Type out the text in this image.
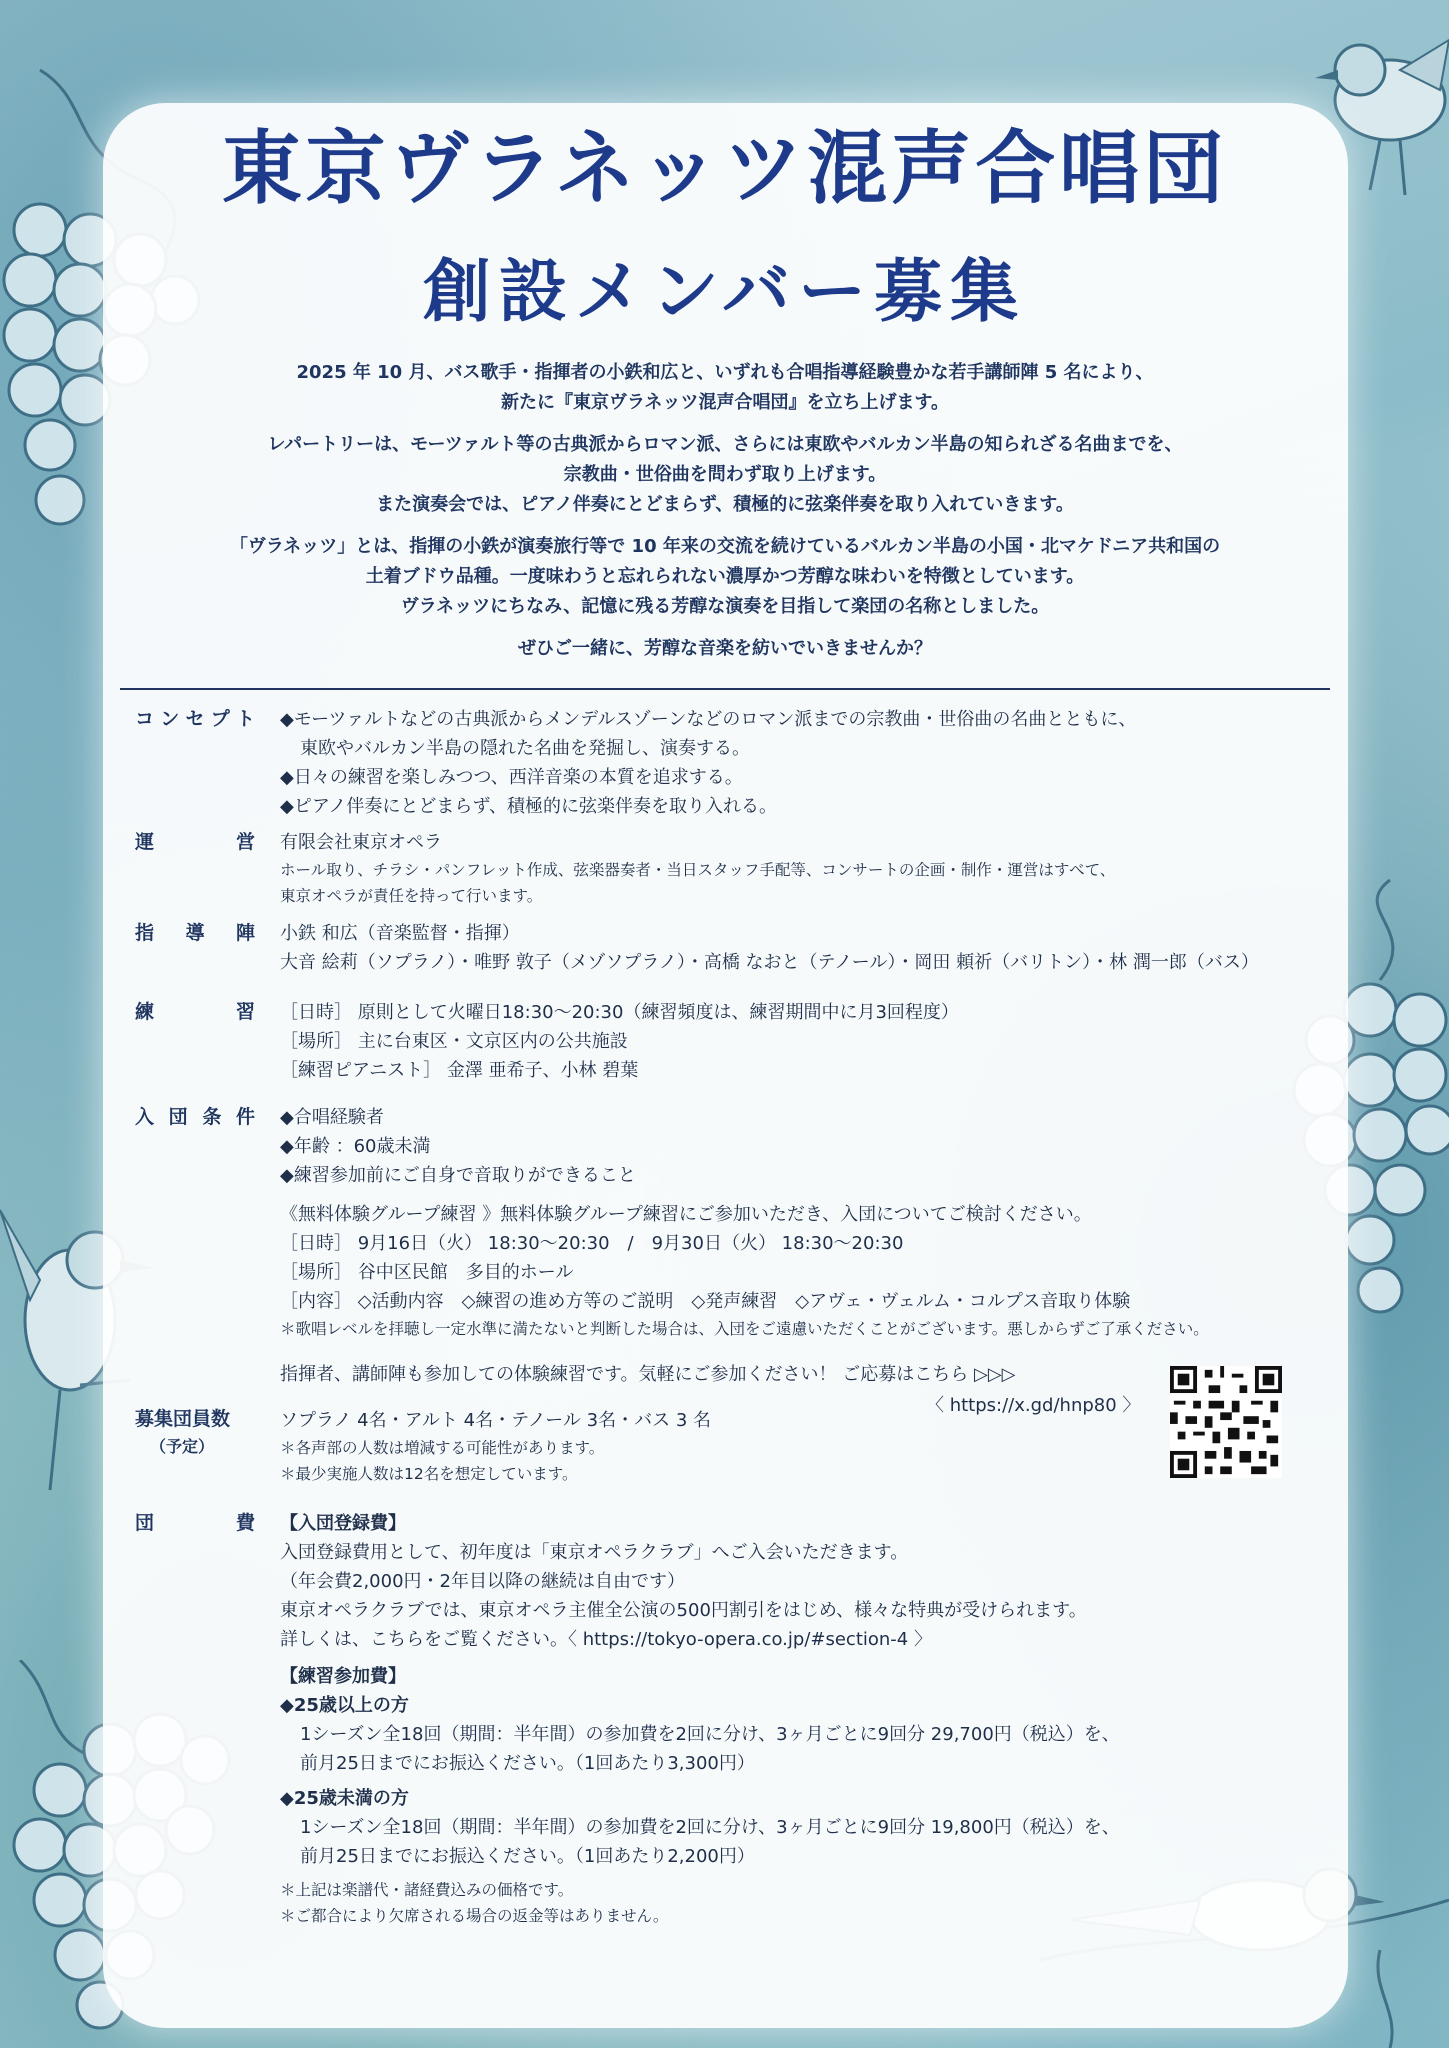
東京ヴラネッツ混声合唱団
創設メンバー募集

2025 年 10 月、バス歌手・指揮者の小鉄和広と、いずれも合唱指導経験豊かな若手講師陣 5 名により、
新たに『東京ヴラネッツ混声合唱団』を立ち上げます。

レパートリーは、モーツァルト等の古典派からロマン派、さらには東欧やバルカン半島の知られざる名曲までを、
宗教曲・世俗曲を問わず取り上げます。
また演奏会では、ピアノ伴奏にとどまらず、積極的に弦楽伴奏を取り入れていきます。

「ヴラネッツ」とは、指揮の小鉄が演奏旅行等で 10 年来の交流を続けているバルカン半島の小国・北マケドニア共和国の
土着ブドウ品種。一度味わうと忘れられない濃厚かつ芳醇な味わいを特徴としています。
ヴラネッツにちなみ、記憶に残る芳醇な演奏を目指して楽団の名称としました。

ぜひご一緒に、芳醇な音楽を紡いでいきませんか？

コンセプト ◆モーツァルトなどの古典派からメンデルスゾーンなどのロマン派までの宗教曲・世俗曲の名曲とともに、
東欧やバルカン半島の隠れた名曲を発掘し、演奏する。
◆日々の練習を楽しみつつ、西洋音楽の本質を追求する。
◆ピアノ伴奏にとどまらず、積極的に弦楽伴奏を取り入れる。
運営 有限会社東京オペラ
ホール取り、チラシ・パンフレット作成、弦楽器奏者・当日スタッフ手配等、コンサートの企画・制作・運営はすべて、
東京オペラが責任を持って行います。
指導陣 小鉄 和広（音楽監督・指揮）
大音 絵莉（ソプラノ）・唯野 敦子（メゾソプラノ）・高橋 なおと（テノール）・岡田 頼祈（バリトン）・林 潤一郎（バス）
練習 ［日時］ 原則として火曜日18:30～20:30（練習頻度は、練習期間中に月3回程度）
［場所］ 主に台東区・文京区内の公共施設
［練習ピアニスト］ 金澤 亜希子、小林 碧葉
入団条件 ◆合唱経験者
◆年齢 ：60歳未満
◆練習参加前にご自身で音取りができること
《無料体験グループ練習 》無料体験グループ練習にご参加いただき、入団についてご検討ください。
［日時］ 9月16日（火） 18:30～20:30　/　9月30日（火） 18:30～20:30
［場所］ 谷中区民館　多目的ホール
［内容］ ◇活動内容　◇練習の進め方等のご説明　◇発声練習　◇アヴェ・ヴェルム・コルプス音取り体験
＊歌唱レベルを拝聴し一定水準に満たないと判断した場合は、入団をご遠慮いただくことがございます。悪しからずご了承ください。
指揮者、講師陣も参加しての体験練習です。気軽にご参加ください！ ご応募はこちら ▷▷▷
〈 https://x.gd/hnp80 〉
募集団員数
（予定）
ソプラノ 4名・アルト 4名・テノール 3名・バス 3 名
＊各声部の人数は増減する可能性があります。
＊最少実施人数は12名を想定しています。
団費 【入団登録費】
入団登録費用として、初年度は「東京オペラクラブ」へご入会いただきます。
（年会費2,000円・2年目以降の継続は自由です）
東京オペラクラブでは、東京オペラ主催全公演の500円割引をはじめ、様々な特典が受けられます。
詳しくは、こちらをご覧ください。〈 https://tokyo-opera.co.jp/#section-4 〉
【練習参加費】
◆25歳以上の方
1シーズン全18回（期間：半年間）の参加費を2回に分け、3ヶ月ごとに9回分 29,700円（税込）を、
前月25日までにお振込ください。（1回あたり3,300円）
◆25歳未満の方
1シーズン全18回（期間：半年間）の参加費を2回に分け、3ヶ月ごとに9回分 19,800円（税込）を、
前月25日までにお振込ください。（1回あたり2,200円）
＊上記は楽譜代・諸経費込みの価格です。
＊ご都合により欠席される場合の返金等はありません。
